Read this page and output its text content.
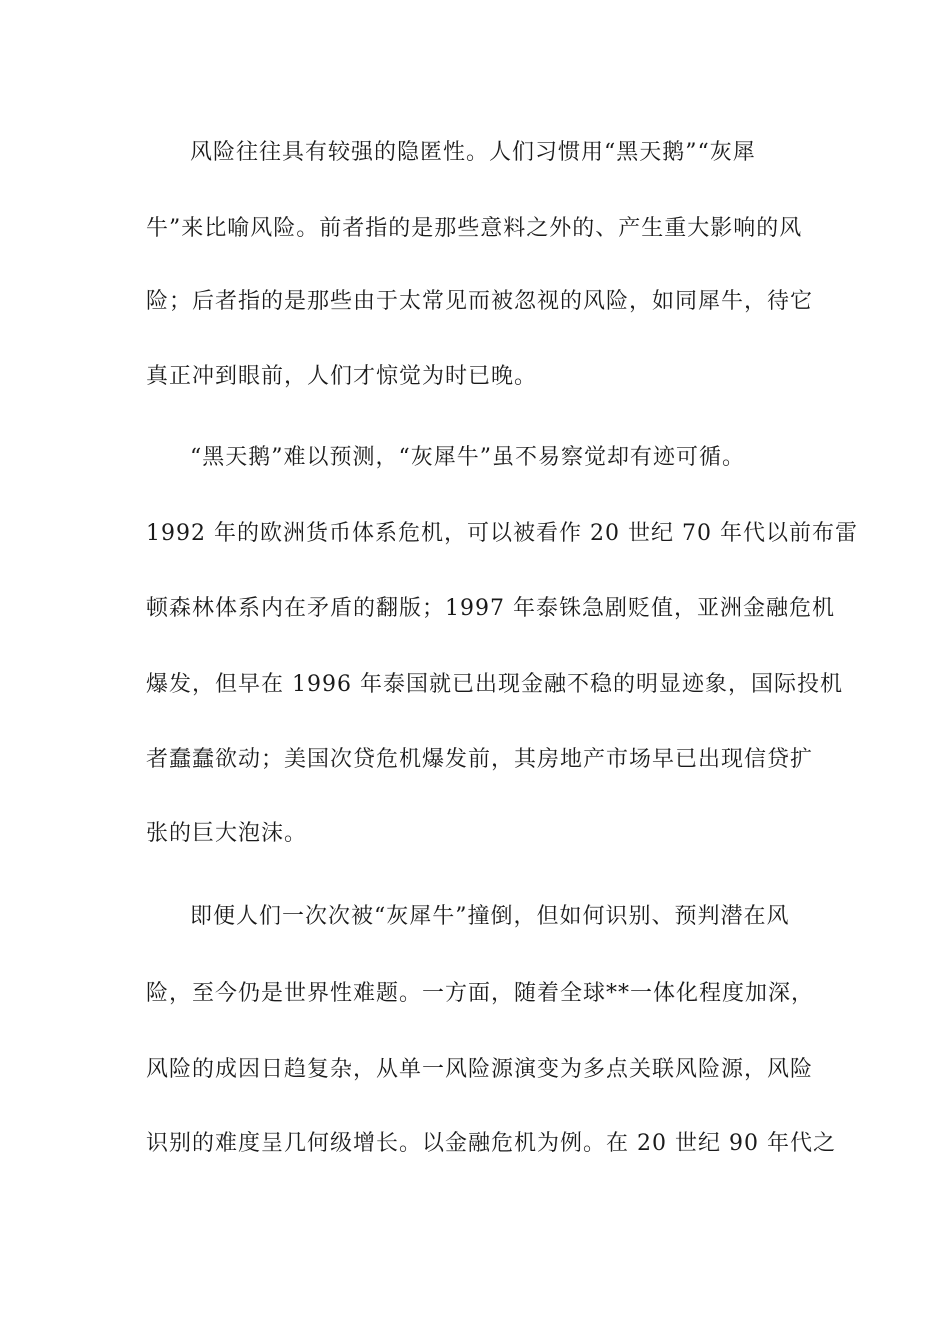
风险往往具有较强的隐匿性。人们习惯用“黑天鹅”“灰犀
牛”来比喻风险。前者指的是那些意料之外的、产生重大影响的风
险；后者指的是那些由于太常见而被忽视的风险，如同犀牛，待它
真正冲到眼前，人们才惊觉为时已晚。
“黑天鹅”难以预测，“灰犀牛”虽不易察觉却有迹可循。
1992 年的欧洲货币体系危机，可以被看作 20 世纪 70 年代以前布雷
顿森林体系内在矛盾的翻版；1997 年泰铢急剧贬值，亚洲金融危机
爆发，但早在 1996 年泰国就已出现金融不稳的明显迹象，国际投机
者蠢蠢欲动；美国次贷危机爆发前，其房地产市场早已出现信贷扩
张的巨大泡沫。
即便人们一次次被“灰犀牛”撞倒，但如何识别、预判潜在风
险，至今仍是世界性难题。一方面，随着全球**一体化程度加深，
风险的成因日趋复杂，从单一风险源演变为多点关联风险源，风险
识别的难度呈几何级增长。以金融危机为例。在 20 世纪 90 年代之
